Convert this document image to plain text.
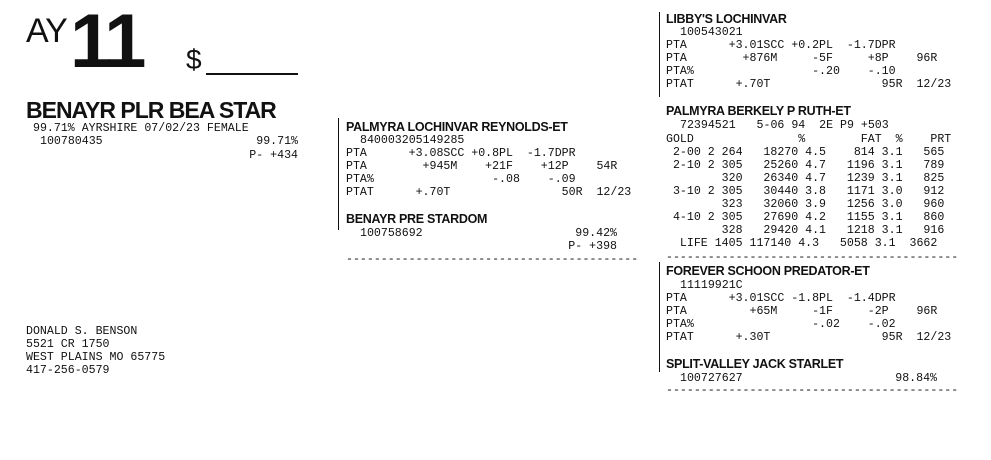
AY 11 $
BENAYR PLR BEA STAR
99.71% AYRSHIRE 07/02/23 FEMALE
100780435	99.71%
P- +434
DONALD S. BENSON
5521 CR 1750
WEST PLAINS MO 65775
417-256-0579
PALMYRA LOCHINVAR REYNOLDS-ET
840003205149285
PTA      +3.08SCC +0.8PL  -1.7DPR
PTA        +945M    +21F    +12P    54R
PTA%                 -.08    -.09
PTAT      +.70T                50R  12/23
BENAYR PRE STARDOM
100758692	99.42%
P- +398
------------------------------------------
LIBBY'S LOCHINVAR
100543021
PTA      +3.01SCC +0.2PL  -1.7DPR
PTA        +876M     -5F     +8P    96R
PTA%                 -.20    -.10
PTAT      +.70T                95R  12/23
PALMYRA BERKELY P RUTH-ET
72394521   5-06 94  2E P9 +503
GOLD               %        FAT  %    PRT
2-00 2 264   18270 4.5    814 3.1   565
2-10 2 305   25260 4.7   1196 3.1   789
320   26340 4.7   1239 3.1   825
3-10 2 305   30440 3.8   1171 3.0   912
323   32060 3.9   1256 3.0   960
4-10 2 305   27690 4.2   1155 3.1   860
328   29420 4.1   1218 3.1   916
LIFE 1405 117140 4.3   5058 3.1  3662
------------------------------------------
FOREVER SCHOON PREDATOR-ET
11119921C
PTA      +3.01SCC -1.8PL  -1.4DPR
PTA         +65M     -1F     -2P    96R
PTA%                 -.02    -.02
PTAT      +.30T                95R  12/23
SPLIT-VALLEY JACK STARLET
100727627	98.84%
------------------------------------------
